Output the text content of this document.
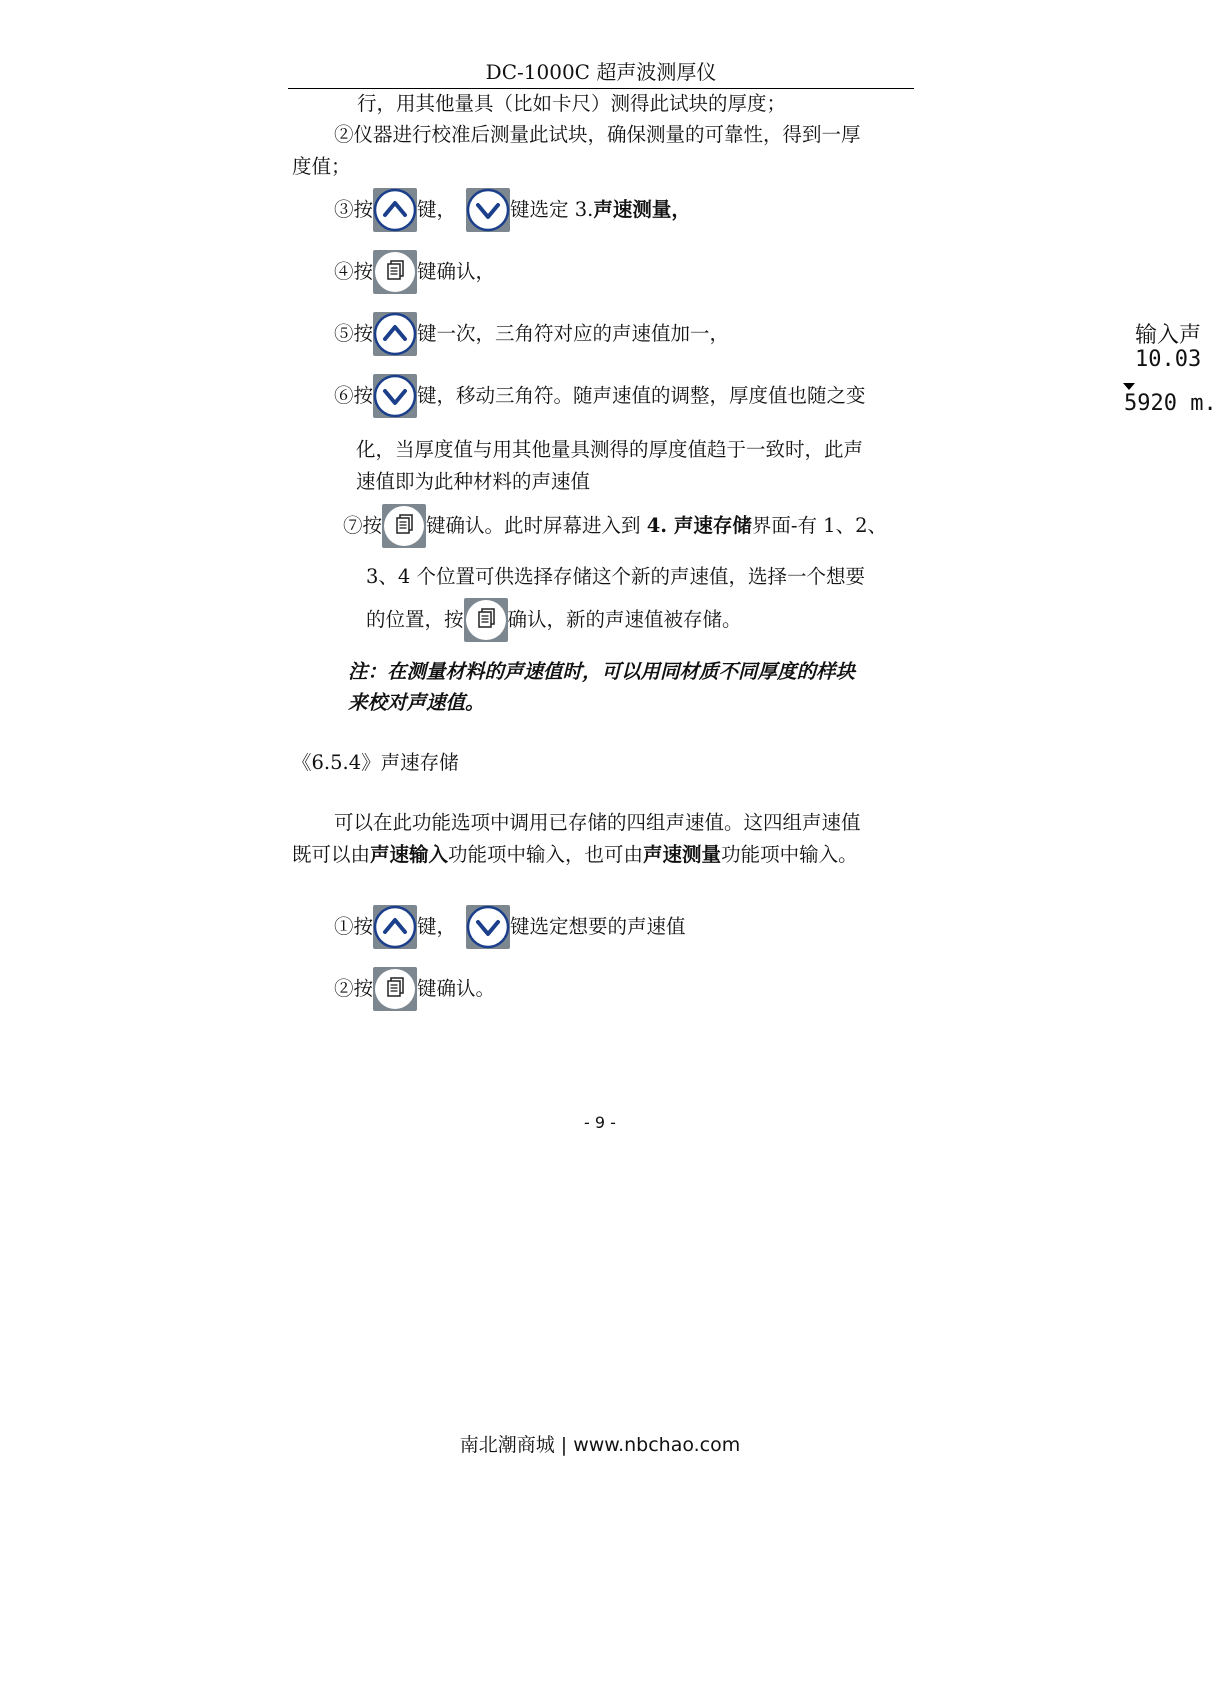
DC-1000C 超声波测厚仪
行，用其他量具（比如卡尺）测得此试块的厚度；
②仪器进行校准后测量此试块，确保测量的可靠性，得到一厚
度值；
③按 键，	键选定 3.声速测量，
④按 键确认，
⑤按 键一次，三角符对应的声速值加一，
⑥按 键，移动三角符。随声速值的调整，厚度值也随之变
化，当厚度值与用其他量具测得的厚度值趋于一致时，此声
速值即为此种材料的声速值
⑦按 键确认。此时屏幕进入到 4. 声速存储界面-有 1、2、
3、4 个位置可供选择存储这个新的声速值，选择一个想要
的位置，按 确认，新的声速值被存储。
注：在测量材料的声速值时，可以用同材质不同厚度的样块
来校对声速值。
《6.5.4》声速存储
可以在此功能选项中调用已存储的四组声速值。这四组声速值
既可以由声速输入功能项中输入，也可由声速测量功能项中输入。
①按 键，	键选定想要的声速值
②按 键确认。
输入声
10.03
5920 m.
- 9 -
南北潮商城 | www.nbchao.com
